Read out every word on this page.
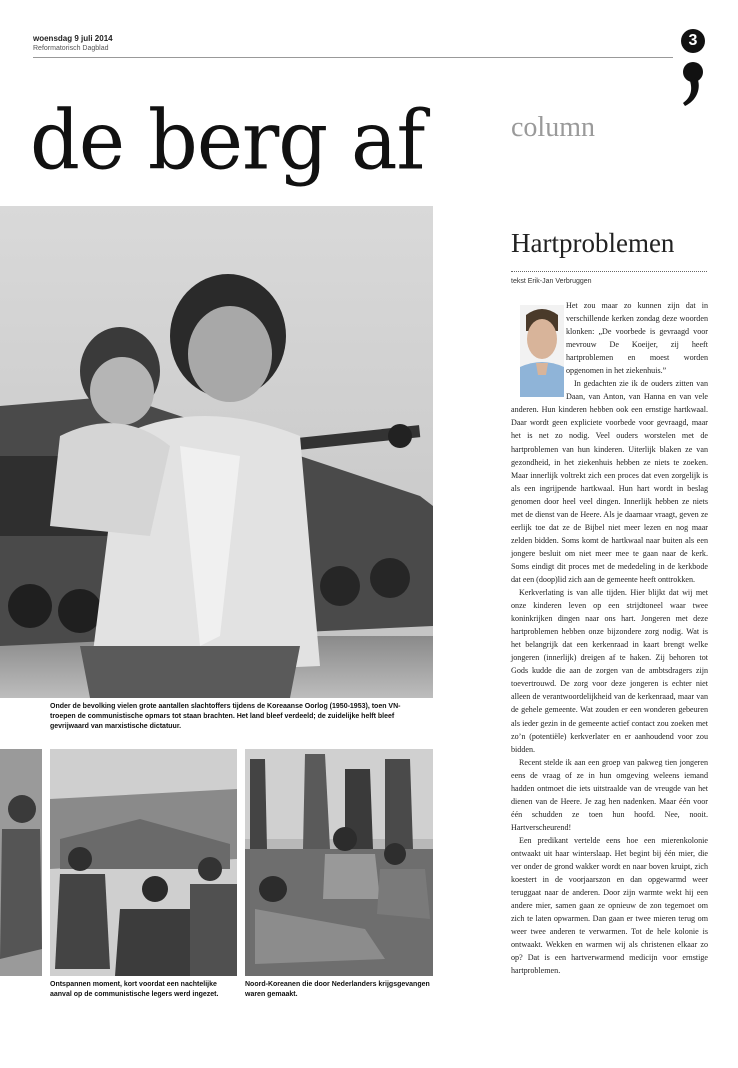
woensdag 9 juli 2014
Reformatorisch Dagblad	3
de berg af	column
Onder de bevolking vielen grote aantallen slachtoffers tijdens de Koreaanse Oorlog (1950-1953), toen VN-troepen de communistische opmars tot staan brachten. Het land bleef verdeeld; de zuidelijke helft bleef gevrijwaard van marxistische dictatuur.
Ontspannen moment, kort voordat een nachtelijke aanval op de communistische legers werd ingezet.
Noord-Koreanen die door Nederlanders krijgsgevangen waren gemaakt.
Hartproblemen
tekst Erik-Jan Verbruggen

Het zou maar zo kunnen zijn dat in verschillende kerken zondag deze woorden klonken: „De voorbede is gevraagd voor mevrouw De Koeijer, zij heeft hartproblemen en moest worden opgenomen in het ziekenhuis.”

In gedachten zie ik de ouders zitten van Daan, van Anton, van Hanna en van vele anderen. Hun kinderen hebben ook een ernstige hartkwaal. Daar wordt geen expliciete voorbede voor gevraagd, maar het is net zo nodig. Veel ouders worstelen met de hartproblemen van hun kinderen. Uiterlijk blaken ze van gezondheid, in het ziekenhuis hebben ze niets te zoeken. Maar innerlijk voltrekt zich een proces dat even zorgelijk is als een ingrijpende hartkwaal. Hun hart wordt in beslag genomen door heel veel dingen. Innerlijk hebben ze niets met de dienst van de Heere. Als je daarnaar vraagt, geven ze eerlijk toe dat ze de Bijbel niet meer lezen en nog maar zelden bidden. Soms komt de hartkwaal naar buiten als een jongere besluit om niet meer mee te gaan naar de kerk. Soms eindigt dit proces met de mededeling in de kerkbode dat een (doop)lid zich aan de gemeente heeft onttrokken.

Kerkverlating is van alle tijden. Hier blijkt dat wij met onze kinderen leven op een strijdtoneel waar twee koninkrijken dingen naar ons hart. Jongeren met deze hartproblemen hebben onze bijzondere zorg nodig. Wat is het belangrijk dat een kerkenraad in kaart brengt welke jongeren (innerlijk) dreigen af te haken. Zij behoren tot Gods kudde die aan de zorgen van de ambtsdragers zijn toevertrouwd. De zorg voor deze jongeren is echter niet alleen de verantwoordelijkheid van de kerkenraad, maar van de gehele gemeente. Wat zouden er een wonderen gebeuren als ieder gezin in de gemeente actief contact zou zoeken met zo’n (potentiële) kerkverlater en er aanhoudend voor zou bidden.

Recent stelde ik aan een groep van pakweg tien jongeren eens de vraag of ze in hun omgeving weleens iemand hadden ontmoet die iets uitstraalde van de vreugde van het dienen van de Heere. Je zag hen nadenken. Maar één voor één schudden ze toen hun hoofd. Nee, nooit. Hartverscheurend!

Een predikant vertelde eens hoe een mierenkolonie ontwaakt uit haar winterslaap. Het begint bij één mier, die ver onder de grond wakker wordt en naar boven kruipt, zich koestert in de voorjaarszon en dan opgewarmd weer teruggaat naar de anderen. Door zijn warmte wekt hij een andere mier, samen gaan ze opnieuw de zon tegemoet om zich te laten opwarmen. Dan gaan er twee mieren terug om weer twee anderen te verwarmen. Tot de hele kolonie is ontwaakt. Wekken en warmen wij als christenen elkaar zo op? Dat is een hartverwarmend medicijn voor ernstige hartproblemen.
